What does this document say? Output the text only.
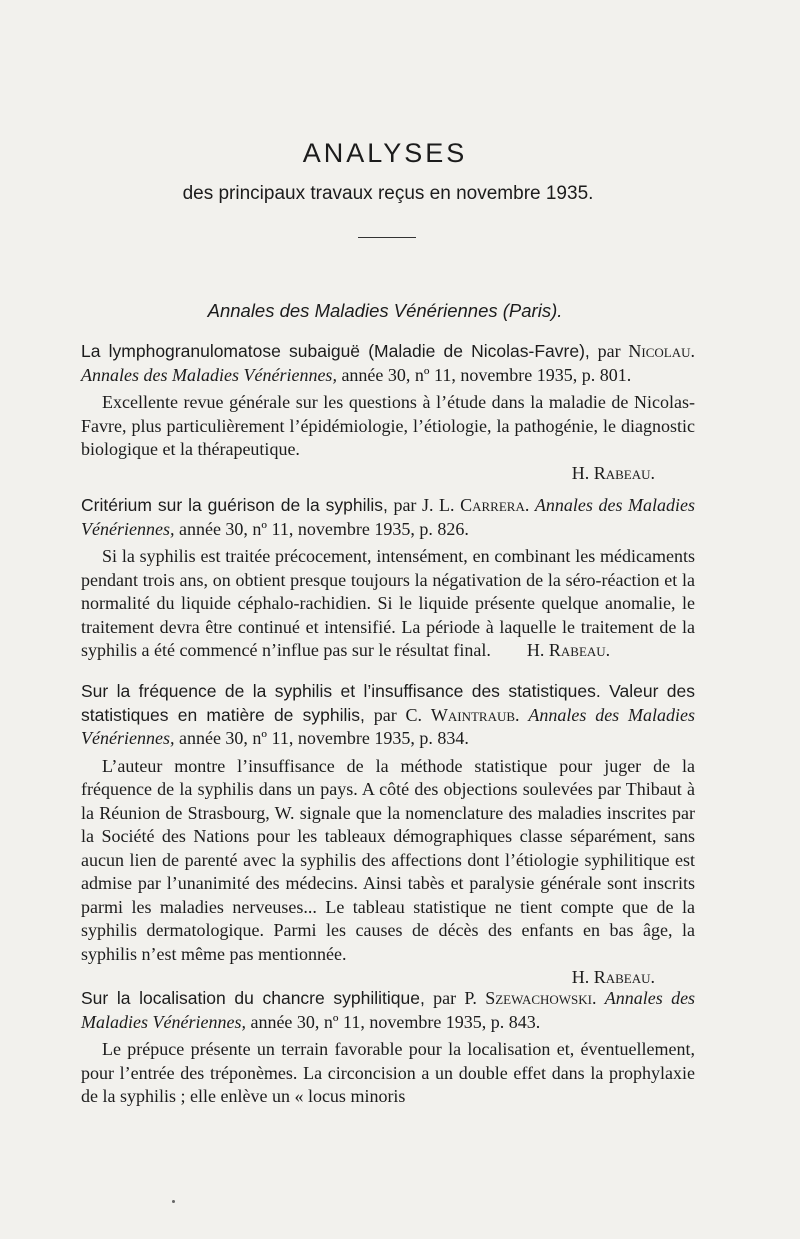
ANALYSES
des principaux travaux reçus en novembre 1935.
Annales des Maladies Vénériennes (Paris).

La lymphogranulomatose subaiguë (Maladie de Nicolas-Favre), par Nicolau. Annales des Maladies Vénériennes, année 30, nº 11, novembre 1935, p. 801.

Excellente revue générale sur les questions à l’étude dans la maladie de Nicolas-Favre, plus particulièrement l’épidémiologie, l’étiologie, la pathogénie, le diagnostic biologique et la thérapeutique.

H. Rabeau.

Critérium sur la guérison de la syphilis, par J. L. Carrera. Annales des Maladies Vénériennes, année 30, nº 11, novembre 1935, p. 826.

Si la syphilis est traitée précocement, intensément, en combinant les médicaments pendant trois ans, on obtient presque toujours la négativation de la séro-réaction et la normalité du liquide céphalo-rachidien. Si le liquide présente quelque anomalie, le traitement devra être continué et intensifié. La période à laquelle le traitement de la syphilis a été commencé n’influe pas sur le résultat final. H. Rabeau.

Sur la fréquence de la syphilis et l’insuffisance des statistiques. Valeur des statistiques en matière de syphilis, par C. Waintraub. Annales des Maladies Vénériennes, année 30, nº 11, novembre 1935, p. 834.

L’auteur montre l’insuffisance de la méthode statistique pour juger de la fréquence de la syphilis dans un pays. A côté des objections soulevées par Thibaut à la Réunion de Strasbourg, W. signale que la nomenclature des maladies inscrites par la Société des Nations pour les tableaux démographiques classe séparément, sans aucun lien de parenté avec la syphilis des affections dont l’étiologie syphilitique est admise par l’unanimité des médecins. Ainsi tabès et paralysie générale sont inscrits parmi les maladies nerveuses... Le tableau statistique ne tient compte que de la syphilis dermatologique. Parmi les causes de décès des enfants en bas âge, la syphilis n’est même pas mentionnée.

H. Rabeau.

Sur la localisation du chancre syphilitique, par P. Szewachowski. Annales des Maladies Vénériennes, année 30, nº 11, novembre 1935, p. 843.

Le prépuce présente un terrain favorable pour la localisation et, éventuellement, pour l’entrée des tréponèmes. La circoncision a un double effet dans la prophylaxie de la syphilis ; elle enlève un « locus minoris
